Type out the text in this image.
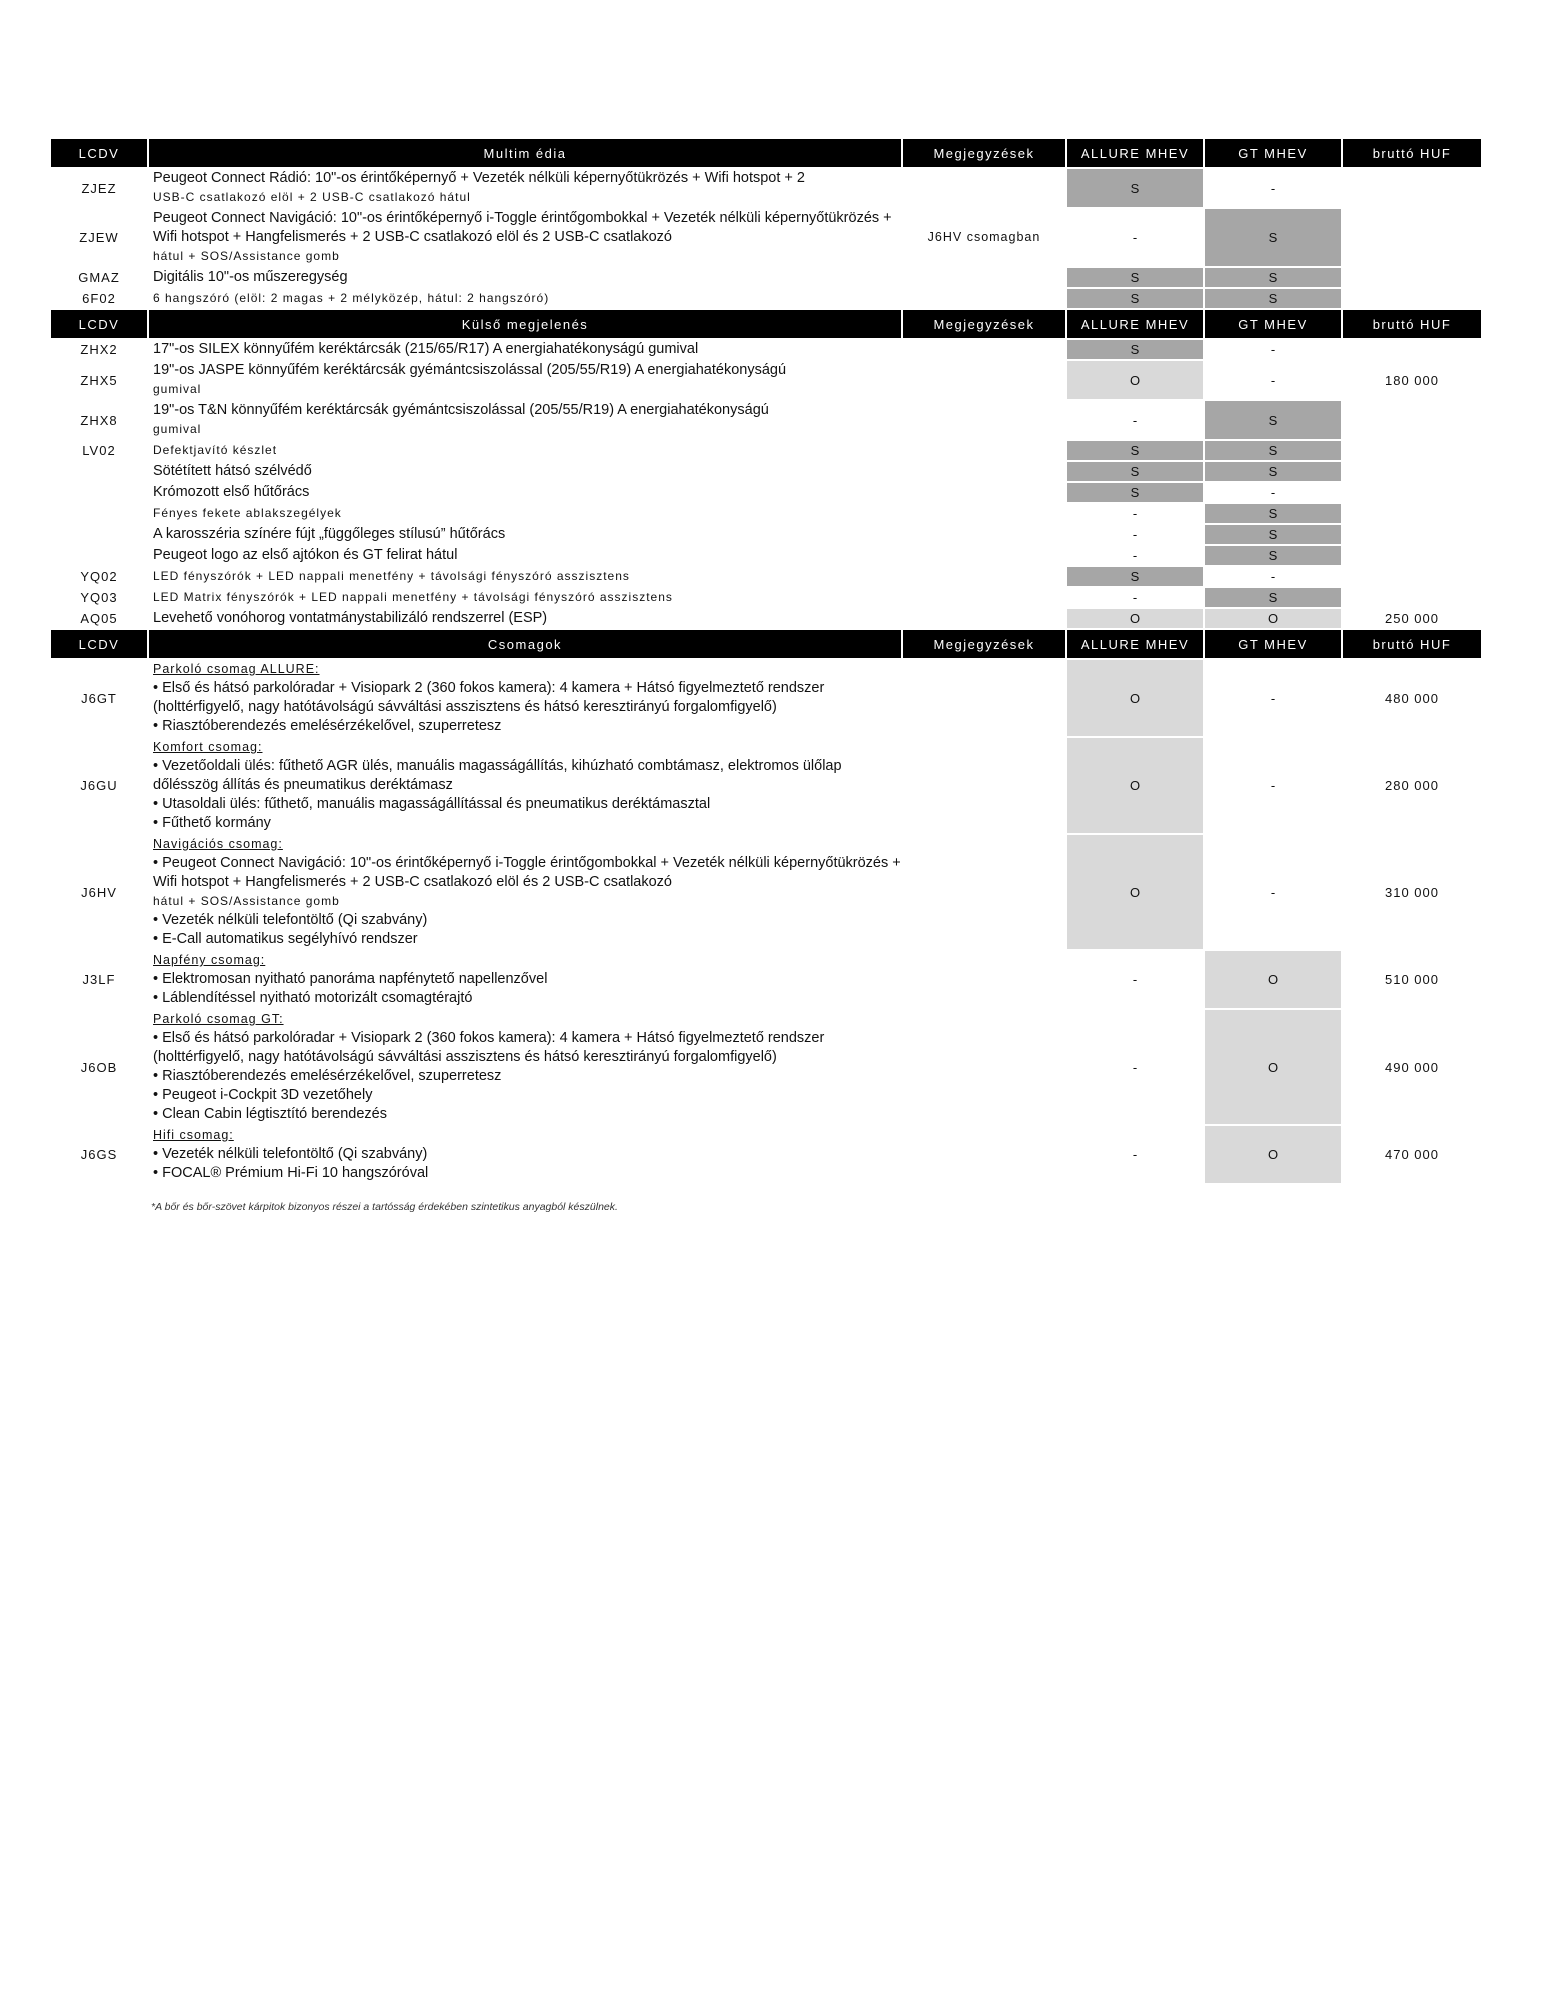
LCDV	Multim édia	Megjegyzések	ALLURE MHEV	GT MHEV	bruttó HUF
ZJEZ	Peugeot Connect Rádió: 10"-os érintőképernyő + Vezeték nélküli képernyőtükrözés + Wifi hotspot + 2
USB-C csatlakozó elöl + 2 USB-C csatlakozó hátul		S	-	
ZJEW	Peugeot Connect Navigáció: 10"-os érintőképernyő i-Toggle érintőgombokkal + Vezeték nélküli képernyőtükrözés + Wifi hotspot + Hangfelismerés + 2 USB-C csatlakozó elöl és 2 USB-C csatlakozó
hátul + SOS/Assistance gomb	J6HV csomagban	-	S	
GMAZ	Digitális 10"-os műszeregység		S	S	
6F02	6 hangszóró (elöl: 2 magas + 2 mélyközép, hátul: 2 hangszóró)		S	S	
LCDV	Külső megjelenés	Megjegyzések	ALLURE MHEV	GT MHEV	bruttó HUF
ZHX2	17"-os SILEX könnyűfém keréktárcsák (215/65/R17) A energiahatékonyságú gumival		S	-	
ZHX5	19"-os JASPE könnyűfém keréktárcsák gyémántcsiszolással (205/55/R19) A energiahatékonyságú
gumival		O	-	180 000
ZHX8	19"-os T&N könnyűfém keréktárcsák gyémántcsiszolással (205/55/R19) A energiahatékonyságú
gumival		-	S	
LV02	Defektjavító készlet		S	S	

	Sötétített hátsó szélvédő		S	S	

	Krómozott első hűtőrács		S	-	

	Fényes fekete ablakszegélyek		-	S	

	A karosszéria színére fújt „függőleges stílusú” hűtőrács		-	S	

	Peugeot logo az első ajtókon és GT felirat hátul		-	S	
YQ02	LED fényszórók + LED nappali menetfény + távolsági fényszóró asszisztens		S	-	
YQ03	LED Matrix fényszórók + LED nappali menetfény + távolsági fényszóró asszisztens		-	S	
AQ05	Levehető vonóhorog vontatmánystabilizáló rendszerrel (ESP)		O	O	250 000
LCDV	Csomagok	Megjegyzések	ALLURE MHEV	GT MHEV	bruttó HUF
J6GT	Parkoló csomag ALLURE:
• Első és hátsó parkolóradar + Visiopark 2 (360 fokos kamera): 4 kamera + Hátsó figyelmeztető rendszer (holttérfigyelő, nagy hatótávolságú sávváltási asszisztens és hátsó keresztirányú forgalomfigyelő)
• Riasztóberendezés emelésérzékelővel, szuperretesz		O	-	480 000
J6GU	Komfort csomag:
• Vezetőoldali ülés: fűthető AGR ülés, manuális magasságállítás, kihúzható combtámasz, elektromos ülőlap dőlésszög állítás és pneumatikus deréktámasz
• Utasoldali ülés: fűthető, manuális magasságállítással és pneumatikus deréktámasztal
• Fűthető kormány		O	-	280 000
J6HV	Navigációs csomag:
• Peugeot Connect Navigáció: 10"-os érintőképernyő i-Toggle érintőgombokkal + Vezeték nélküli képernyőtükrözés + Wifi hotspot + Hangfelismerés + 2 USB-C csatlakozó elöl és 2 USB-C csatlakozó
hátul + SOS/Assistance gomb
• Vezeték nélküli telefontöltő (Qi szabvány)
• E-Call automatikus segélyhívó rendszer		O	-	310 000
J3LF	Napfény csomag:
• Elektromosan nyitható panoráma napfénytető napellenzővel
• Láblendítéssel nyitható motorizált csomagtérajtó		-	O	510 000
J6OB	Parkoló csomag GT:
• Első és hátsó parkolóradar + Visiopark 2 (360 fokos kamera): 4 kamera + Hátsó figyelmeztető rendszer (holttérfigyelő, nagy hatótávolságú sávváltási asszisztens és hátsó keresztirányú forgalomfigyelő)
• Riasztóberendezés emelésérzékelővel, szuperretesz
• Peugeot i-Cockpit 3D vezetőhely
• Clean Cabin légtisztító berendezés		-	O	490 000
J6GS	Hifi csomag:
• Vezeték nélküli telefontöltő (Qi szabvány)
• FOCAL® Prémium Hi-Fi 10 hangszóróval		-	O	470 000
*A bőr és bőr-szövet kárpitok bizonyos részei a tartósság érdekében szintetikus anyagból készülnek.
